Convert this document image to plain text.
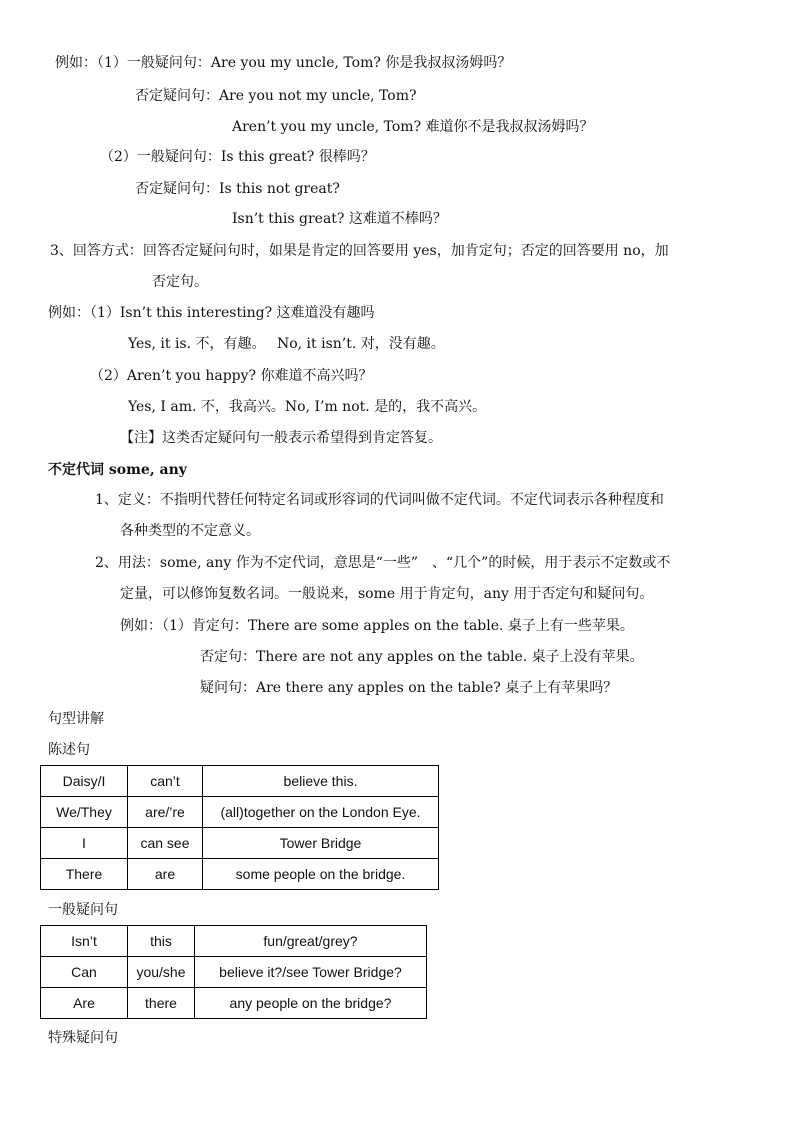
例如：（1）一般疑问句：Are you my uncle, Tom? 你是我叔叔汤姆吗？
否定疑问句：Are you not my uncle, Tom?
Aren’t you my uncle, Tom? 难道你不是我叔叔汤姆吗？
（2）一般疑问句：Is this great? 很棒吗？
否定疑问句：Is this not great?
Isn’t this great? 这难道不棒吗？
3、回答方式：回答否定疑问句时，如果是肯定的回答要用 yes，加肯定句；否定的回答要用 no，加
否定句。
例如：（1）Isn’t this interesting? 这难道没有趣吗
Yes, it is. 不，有趣。　 No, it isn’t. 对，没有趣。
（2）Aren’t you happy? 你难道不高兴吗？
Yes, I am. 不，我高兴。No, I’m not. 是的，我不高兴。
【注】这类否定疑问句一般表示希望得到肯定答复。
不定代词 some, any
1、定义：不指明代替任何特定名词或形容词的代词叫做不定代词。不定代词表示各种程度和
各种类型的不定意义。
2、用法：some, any 作为不定代词，意思是“一些”　、“几个”的时候，用于表示不定数或不
定量，可以修饰复数名词。一般说来，some 用于肯定句，any 用于否定句和疑问句。
例如：（1）肯定句：There are some apples on the table. 桌子上有一些苹果。
否定句：There are not any apples on the table. 桌子上没有苹果。
疑问句：Are there any apples on the table? 桌子上有苹果吗？
句型讲解
陈述句
Daisy/I	can’t	believe this.
We/They	are/’re	(all)together on the London Eye.
I	can see	Tower Bridge
There	are	some people on the bridge.
一般疑问句
Isn’t	this	fun/great/grey?
Can	you/she	believe it?/see Tower Bridge?
Are	there	any people on the bridge?
特殊疑问句
